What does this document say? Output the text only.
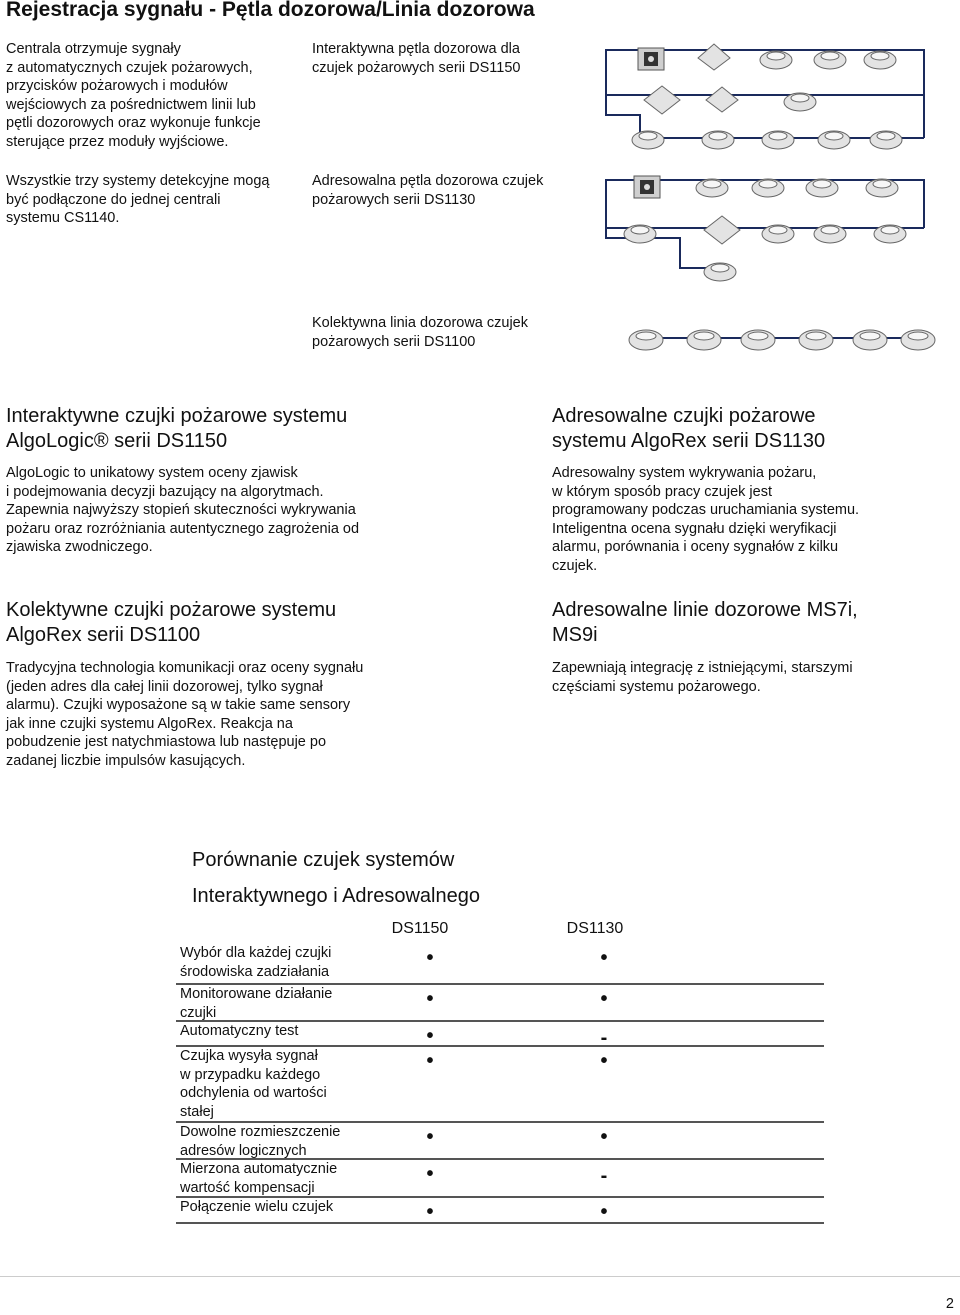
Rejestracja sygnału - Pętla dozorowa/Linia dozorowa
Centrala otrzymuje sygnały
z automatycznych czujek pożarowych,
przycisków pożarowych i modułów
wejściowych za pośrednictwem linii lub
pętli dozorowych oraz wykonuje funkcje
sterujące przez moduły wyjściowe.
Wszystkie trzy systemy detekcyjne mogą
być podłączone do jednej centrali
systemu CS1140.
Interaktywna pętla dozorowa dla
czujek pożarowych serii DS1150
Adresowalna pętla dozorowa czujek
pożarowych serii DS1130
Kolektywna linia dozorowa czujek
pożarowych serii DS1100
Interaktywne czujki pożarowe systemu
AlgoLogic® serii DS1150
AlgoLogic to unikatowy system oceny zjawisk
i podejmowania decyzji bazujący na algorytmach.
Zapewnia najwyższy stopień skuteczności wykrywania
pożaru oraz rozróżniania autentycznego zagrożenia od
zjawiska zwodniczego.
Adresowalne czujki pożarowe
systemu AlgoRex serii DS1130
Adresowalny system wykrywania pożaru,
w którym sposób pracy czujek jest
programowany podczas uruchamiania systemu.
Inteligentna ocena sygnału dzięki weryfikacji
alarmu, porównania i oceny sygnałów z kilku
czujek.
Kolektywne czujki pożarowe systemu
AlgoRex serii DS1100
Tradycyjna technologia komunikacji oraz oceny sygnału
(jeden adres dla całej linii dozorowej, tylko sygnał
alarmu). Czujki wyposażone są w takie same sensory
jak inne czujki systemu AlgoRex. Reakcja na
pobudzenie jest natychmiastowa lub następuje po
zadanej liczbie impulsów kasujących.
Adresowalne linie dozorowe MS7i,
MS9i
Zapewniają integrację z istniejącymi, starszymi
częściami systemu pożarowego.
Porównanie czujek systemów
Interaktywnego i Adresowalnego
DS1150	DS1130
Wybór dla każdej czujki
środowiska zadziałania
•	•
Monitorowane działanie
czujki
•	•
Automatyczny test	•	-
Czujka wysyła sygnał
w przypadku każdego
odchylenia od wartości
stałej
•	•
Dowolne rozmieszczenie
adresów logicznych
•	•
Mierzona automatycznie
wartość kompensacji
•	-
Połączenie wielu czujek	•	•
2
